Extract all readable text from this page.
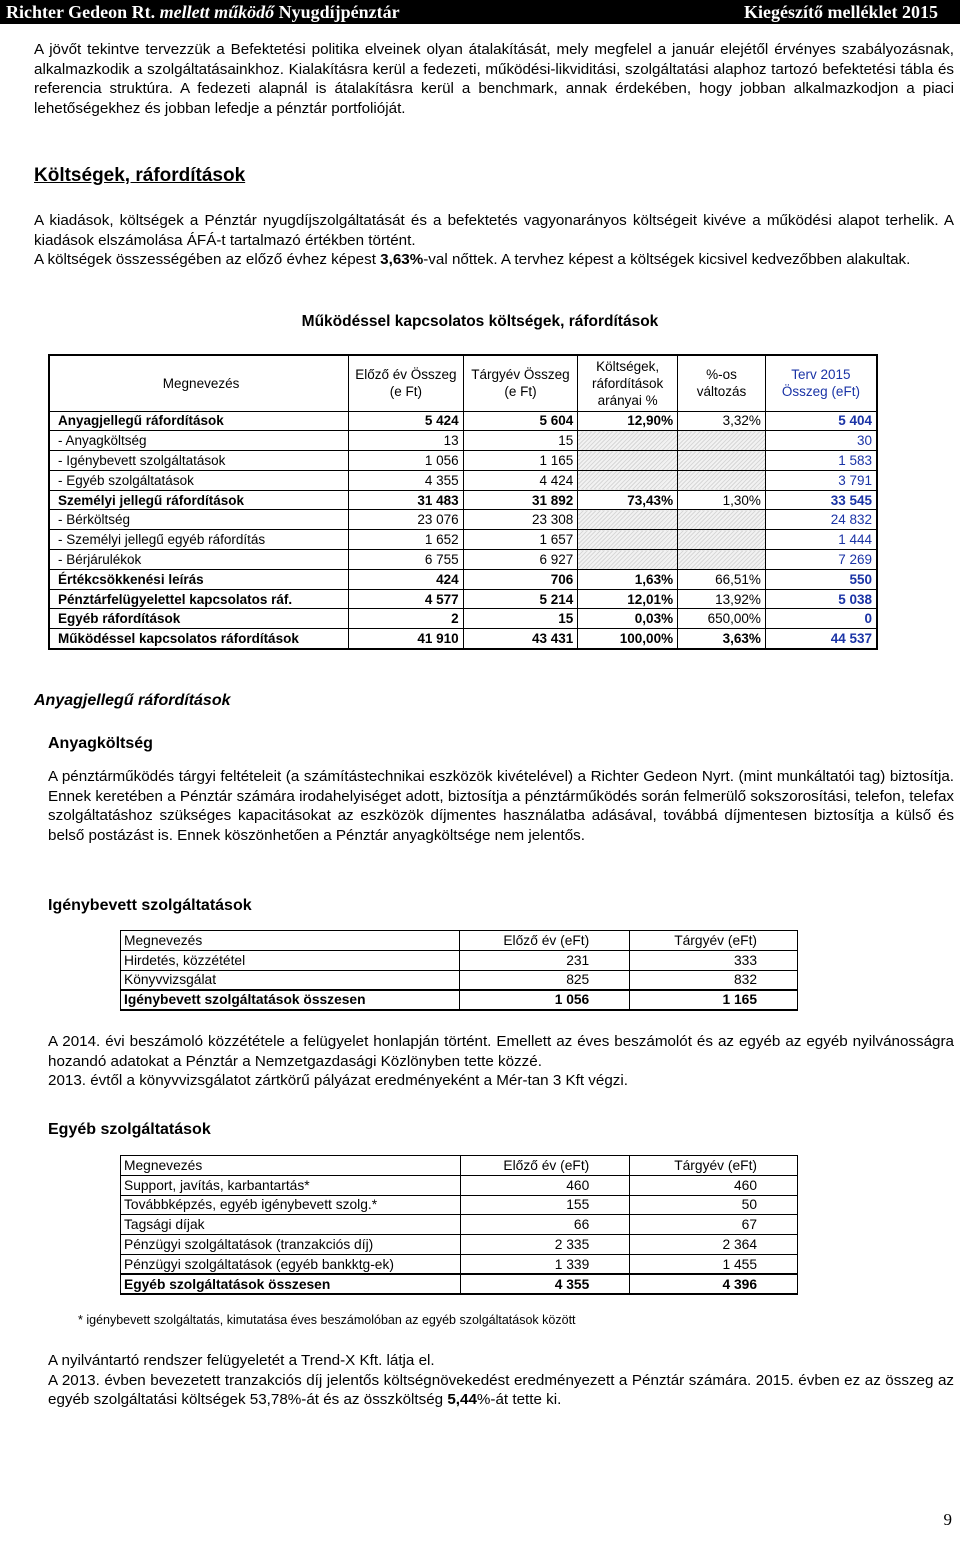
Richter Gedeon Rt. mellett működő Nyugdíjpénztár	Kiegészítő melléklet 2015

A jövőt tekintve tervezzük a Befektetési politika elveinek olyan átalakítását, mely megfelel a január elejétől érvényes szabályozásnak, alkalmazkodik a szolgáltatásainkhoz. Kialakításra kerül a fedezeti, működési-likviditási, szolgáltatási alaphoz tartozó befektetési tábla és referencia struktúra. A fedezeti alapnál is átalakításra kerül a benchmark, annak érdekében, hogy jobban alkalmazkodjon a piaci lehetőségekhez és jobban lefedje a pénztár portfolióját.

Költségek, ráfordítások

A kiadások, költségek a Pénztár nyugdíjszolgáltatását és a befektetés vagyonarányos költségeit kivéve a működési alapot terhelik. A kiadások elszámolása ÁFÁ-t tartalmazó értékben történt.

A költségek összességében az előző évhez képest 3,63%-val nőttek. A tervhez képest a költségek kicsivel kedvezőbben alakultak.

Működéssel kapcsolatos költségek, ráfordítások
Megnevezés	Előző év Összeg (e Ft)	Tárgyév Összeg (e Ft)	Költségek, ráfordítások arányai %	%-os változás	Terv 2015 Összeg (eFt)
Anyagjellegű ráfordítások	5 424	5 604	12,90%	3,32%	5 404
- Anyagköltség	13	15			30
- Igénybevett szolgáltatások	1 056	1 165			1 583
- Egyéb szolgáltatások	4 355	4 424			3 791
Személyi jellegű ráfordítások	31 483	31 892	73,43%	1,30%	33 545
- Bérköltség	23 076	23 308			24 832
- Személyi jellegű egyéb ráfordítás	1 652	1 657			1 444
- Bérjárulékok	6 755	6 927			7 269
Értékcsökkenési leírás	424	706	1,63%	66,51%	550
Pénztárfelügyelettel kapcsolatos ráf.	4 577	5 214	12,01%	13,92%	5 038
Egyéb ráfordítások	2	15	0,03%	650,00%	0
Működéssel kapcsolatos ráfordítások	41 910	43 431	100,00%	3,63%	44 537
Anyagjellegű ráfordítások
Anyagköltség

A pénztárműködés tárgyi feltételeit (a számítástechnikai eszközök kivételével) a Richter Gedeon Nyrt. (mint munkáltatói tag) biztosítja. Ennek keretében a Pénztár számára irodahelyiséget adott, biztosítja a pénztárműködés során felmerülő sokszorosítási, telefon, telefax szolgáltatáshoz szükséges kapacitásokat az eszközök díjmentes használatba adásával, továbbá díjmentesen biztosítja a külső és belső postázást is. Ennek köszönhetően a Pénztár anyagköltsége nem jelentős.

Igénybevett szolgáltatások
Megnevezés	Előző év (eFt)	Tárgyév (eFt)
Hirdetés, közzététel	231	333
Könyvvizsgálat	825	832
Igénybevett szolgáltatások összesen	1 056	1 165

A 2014. évi beszámoló közzététele a felügyelet honlapján történt. Emellett az éves beszámolót és az egyéb az egyéb nyilvánosságra hozandó adatokat a Pénztár a Nemzetgazdasági Közlönyben tette közzé.

2013. évtől a könyvvizsgálatot zártkörű pályázat eredményeként a Mér-tan 3 Kft végzi.

Egyéb szolgáltatások
Megnevezés	Előző év (eFt)	Tárgyév (eFt)
Support, javítás, karbantartás*	460	460
Továbbképzés, egyéb igénybevett szolg.*	155	50
Tagsági díjak	66	67
Pénzügyi szolgáltatások (tranzakciós díj)	2 335	2 364
Pénzügyi szolgáltatások (egyéb bankktg-ek)	1 339	1 455
Egyéb szolgáltatások összesen	4 355	4 396
* igénybevett szolgáltatás, kimutatása éves beszámolóban az egyéb szolgáltatások között

A nyilvántartó rendszer felügyeletét a Trend-X Kft. látja el.

A 2013. évben bevezetett tranzakciós díj jelentős költségnövekedést eredményezett a Pénztár számára. 2015. évben ez az összeg az egyéb szolgáltatási költségek 53,78%-át és az összköltség 5,44%-át tette ki.

9
